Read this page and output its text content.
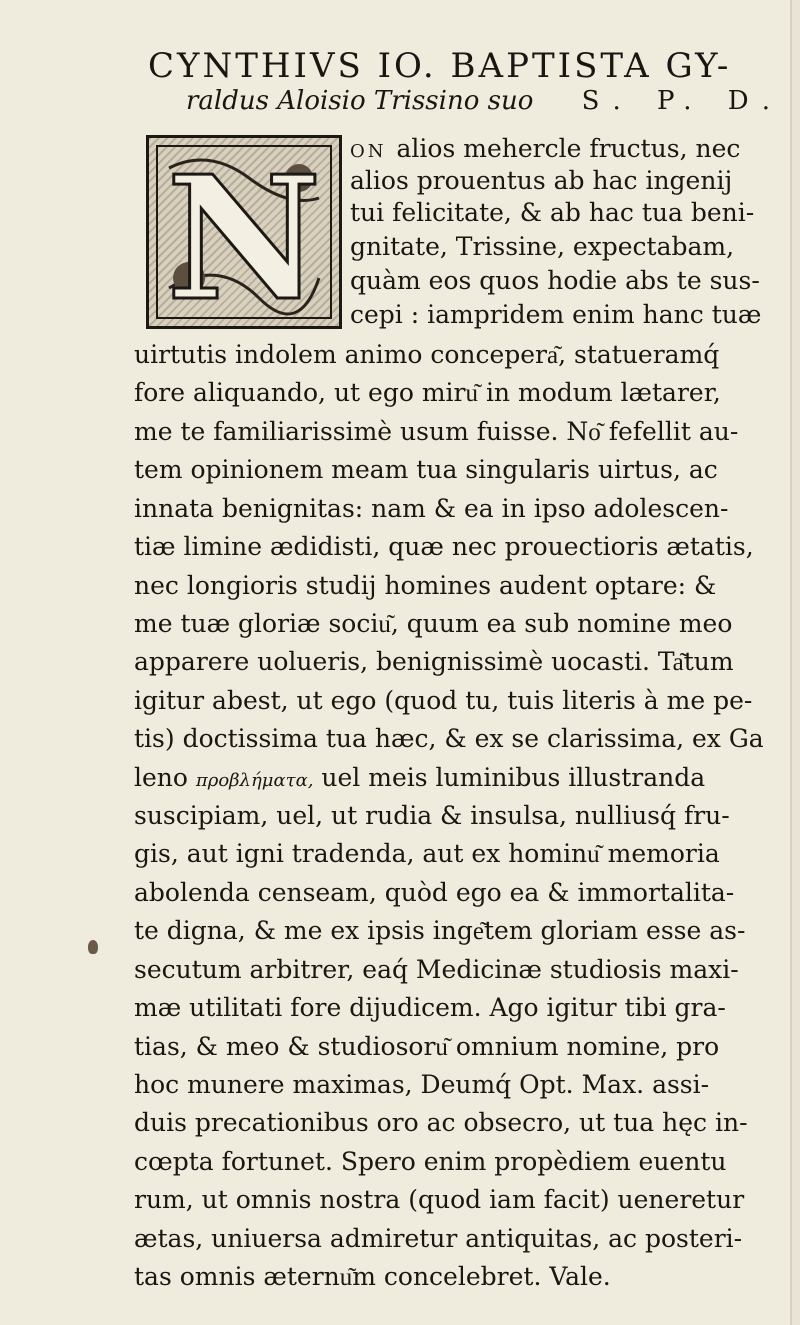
CYNTHIVS IO. BAPTISTA GY-
raldus Aloisio Trissino suo S. P. D.
N ON alios mehercle fructus, nec
alios prouentus ab hac ingenij
tui felicitate, & ab hac tua beni-
gnitate, Trissine, expectabam,
quàm eos quos hodie abs te sus-
cepi : iampridem enim hanc tuæ
uirtutis indolem animo concepera͂, statueramq́
fore aliquando, ut ego miru͂ in modum lætarer,
me te familiarissimè usum fuisse. No͂ fefellit au-
tem opinionem meam tua singularis uirtus, ac
innata benignitas: nam & ea in ipso adolescen-
tiæ limine ædidisti, quæ nec prouectioris ætatis,
nec longioris studij homines audent optare: &
me tuæ gloriæ sociu͂, quum ea sub nomine meo
apparere uolueris, benignissimè uocasti. Ta͂tum
igitur abest, ut ego (quod tu, tuis literis à me pe-
tis) doctissima tua hæc, & ex se clarissima, ex Ga
leno προβλήματα, uel meis luminibus illustranda
suscipiam, uel, ut rudia & insulsa, nulliusq́ fru-
gis, aut igni tradenda, aut ex hominu͂ memoria
abolenda censeam, quòd ego ea & immortalita-
te digna, & me ex ipsis inge͂tem gloriam esse as-
secutum arbitrer, eaq́ Medicinæ studiosis maxi-
mæ utilitati fore dijudicem. Ago igitur tibi gra-
tias, & meo & studiosoru͂ omnium nomine, pro
hoc munere maximas, Deumq́ Opt. Max. assi-
duis precationibus oro ac obsecro, ut tua hęc in-
cœpta fortunet. Spero enim propèdiem euentu
rum, ut omnis nostra (quod iam facit) ueneretur
ætas, uniuersa admiretur antiquitas, ac posteri-
tas omnis æternu͂m concelebret. Vale.
